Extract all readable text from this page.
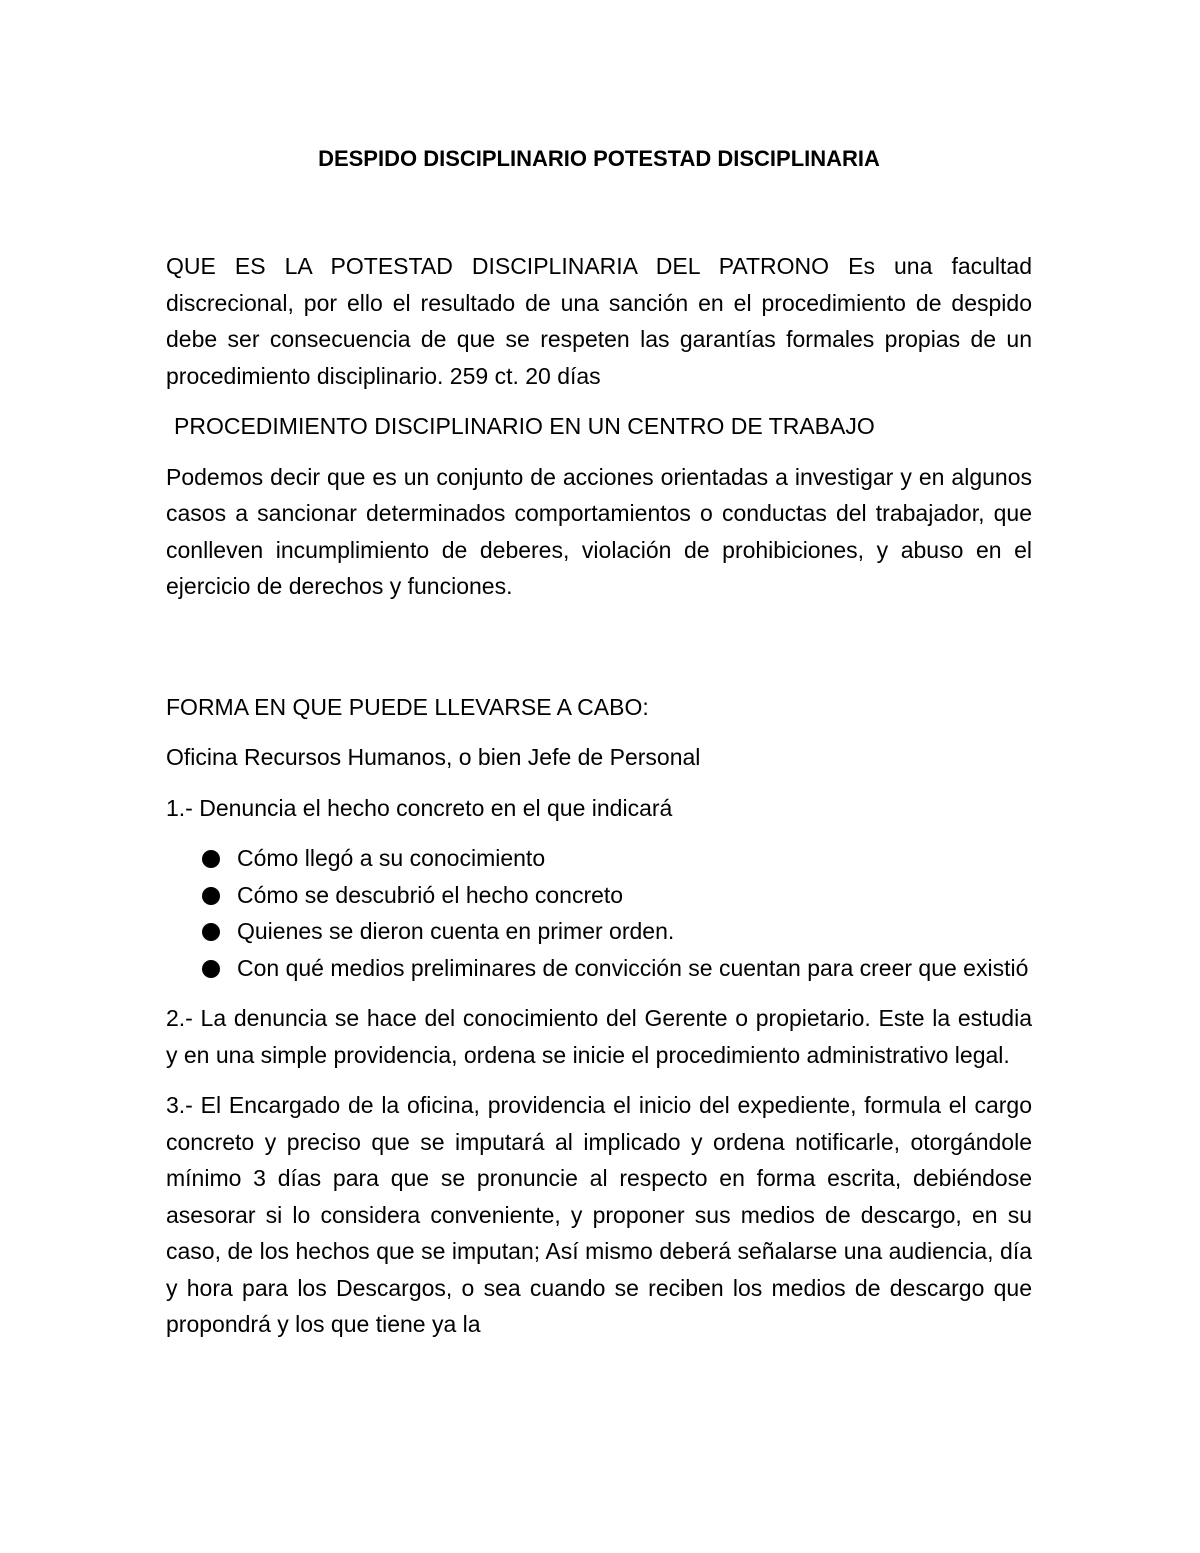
DESPIDO DISCIPLINARIO POTESTAD DISCIPLINARIA

QUE ES LA POTESTAD DISCIPLINARIA DEL PATRONO Es una facultad discrecional, por ello el resultado de una sanción en el procedimiento de despido debe ser consecuencia de que se respeten las garantías formales propias de un procedimiento disciplinario. 259 ct. 20 días

PROCEDIMIENTO DISCIPLINARIO EN UN CENTRO DE TRABAJO

Podemos decir que es un conjunto de acciones orientadas a investigar y en algunos casos a sancionar determinados comportamientos o conductas del trabajador, que conlleven incumplimiento de deberes, violación de prohibiciones, y abuso en el ejercicio de derechos y funciones.

FORMA EN QUE PUEDE LLEVARSE A CABO:

Oficina Recursos Humanos, o bien Jefe de Personal

1.- Denuncia el hecho concreto en el que indicará

Cómo llegó a su conocimiento
Cómo se descubrió el hecho concreto
Quienes se dieron cuenta en primer orden.
Con qué medios preliminares de convicción se cuentan para creer que existió

2.- La denuncia se hace del conocimiento del Gerente o propietario. Este la estudia y en una simple providencia, ordena se inicie el procedimiento administrativo legal.

3.- El Encargado de la oficina, providencia el inicio del expediente, formula el cargo concreto y preciso que se imputará al implicado y ordena notificarle, otorgándole mínimo 3 días para que se pronuncie al respecto en forma escrita, debiéndose asesorar si lo considera conveniente, y proponer sus medios de descargo, en su caso, de los hechos que se imputan; Así mismo deberá señalarse una audiencia, día y hora para los Descargos, o sea cuando se reciben los medios de descargo que propondrá y los que tiene ya la
